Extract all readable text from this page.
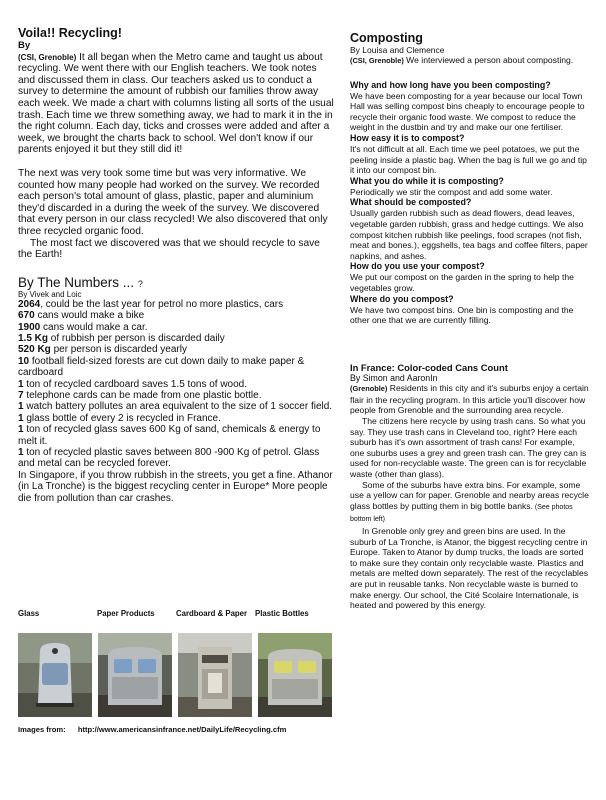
Voila!! Recycling!

By

(CSI, Grenoble) It all began when the Metro came and taught us about recycling. We went there with our English teachers. We took notes and discussed them in class. Our teachers asked us to conduct a survey to determine the amount of rubbish our families throw away each week. We made a chart with columns listing all sorts of the usual trash. Each time we threw something away, we had to mark it in the in the right column. Each day, ticks and crosses were added and after a week, we brought the charts back to school. Wel don't know if our parents enjoyed it but they still did it!

The next was very took some time but was very informative. We counted how many people had worked on the survey. We recorded each person's total amount of glass, plastic, paper and aluminium they'd discarded in a during the week of the survey. We discovered that every person in our class recycled! We also discovered that only three recycled organic food.

The most fact we discovered was that we should recycle to save the Earth!

By The Numbers ... ?

By Vivek and Loic

2064, could be the last year for petrol no more plastics, cars

670 cans would make a bike

1900 cans would make a car.

1.5 Kg of rubbish per person is discarded daily

520 Kg per person is discarded yearly

10 football field-sized forests are cut down daily to make paper & cardboard

1 ton of recycled cardboard saves 1.5 tons of wood.

7 telephone cards can be made from one plastic bottle.

1 watch battery pollutes an area equivalent to the size of 1 soccer field.

1 glass bottle of every 2 is recycled in France.

1 ton of recycled glass saves 600 Kg of sand, chemicals & energy to melt it.

1 ton of recycled plastic saves between 800 -900 Kg of petrol. Glass and metal can be recycled forever.

In Singapore, if you throw rubbish in the streets, you get a fine. Athanor (in La Tronche) is the biggest recycling center in Europe* More people die from pollution than car crashes.

Glass	Paper Products	Cardboard & Paper	Plastic Bottles
Images from: http://www.americansinfrance.net/DailyLife/Recycling.cfm
Composting

By Louisa and Clemence

(CSI, Grenoble) We interviewed a person about composting.

Why and how long have you been composting?

We have been composting for a year because our local Town Hall was selling compost bins cheaply to encourage people to recycle their organic food waste. We compost to reduce the weight in the dustbin and try and make our one fertiliser.

How easy it is to compost?

It's not difficult at all. Each time we peel potatoes, we put the peeling inside a plastic bag. When the bag is full we go and tip it into our compost bin.

What you do while it is composting?

Periodically we stir the compost and add some water.

What should be composted?

Usually garden rubbish such as dead flowers, dead leaves, vegetable garden rubbish, grass and hedge cuttings. We also compost kitchen rubbish like peelings, food scrapes (not fish, meat and bones.), eggshells, tea bags and coffee filters, paper napkins, and ashes.

How do you use your compost?

We put our compost on the garden in the spring to help the vegetables grow.

Where do you compost?

We have two compost bins. One bin is composting and the other one that we are currently filling.

In France: Color-coded Cans Count

By Simon and AaronIn

(Grenoble) Residents in this city and it's suburbs enjoy a certain flair in the recycling program. In this article you'll discover how people from Grenoble and the surrounding area recycle.

The citizens here recycle by using trash cans. So what you say. They use trash cans in Cleveland too, right? Here each suburb has it's own assortment of trash cans! For example, one suburbs uses a grey and green trash can. The grey can is used for non-recyclable waste. The green can is for recyclable waste (other than glass).

Some of the suburbs have extra bins. For example, some use a yellow can for paper. Grenoble and nearby areas recycle glass bottles by putting them in big bottle banks. (See photos bottom left)

In Grenoble only grey and green bins are used. In the suburb of La Tronche, is Atanor, the biggest recycling centre in Europe. Taken to Atanor by dump trucks, the loads are sorted to make sure they contain only recyclable waste. Plastics and metals are melted down separately. The rest of the recyclables are put in reusable tanks. Non recyclable waste is burned to make energy. Our school, the Cité Scolaire Internationale, is heated and powered by this energy.
